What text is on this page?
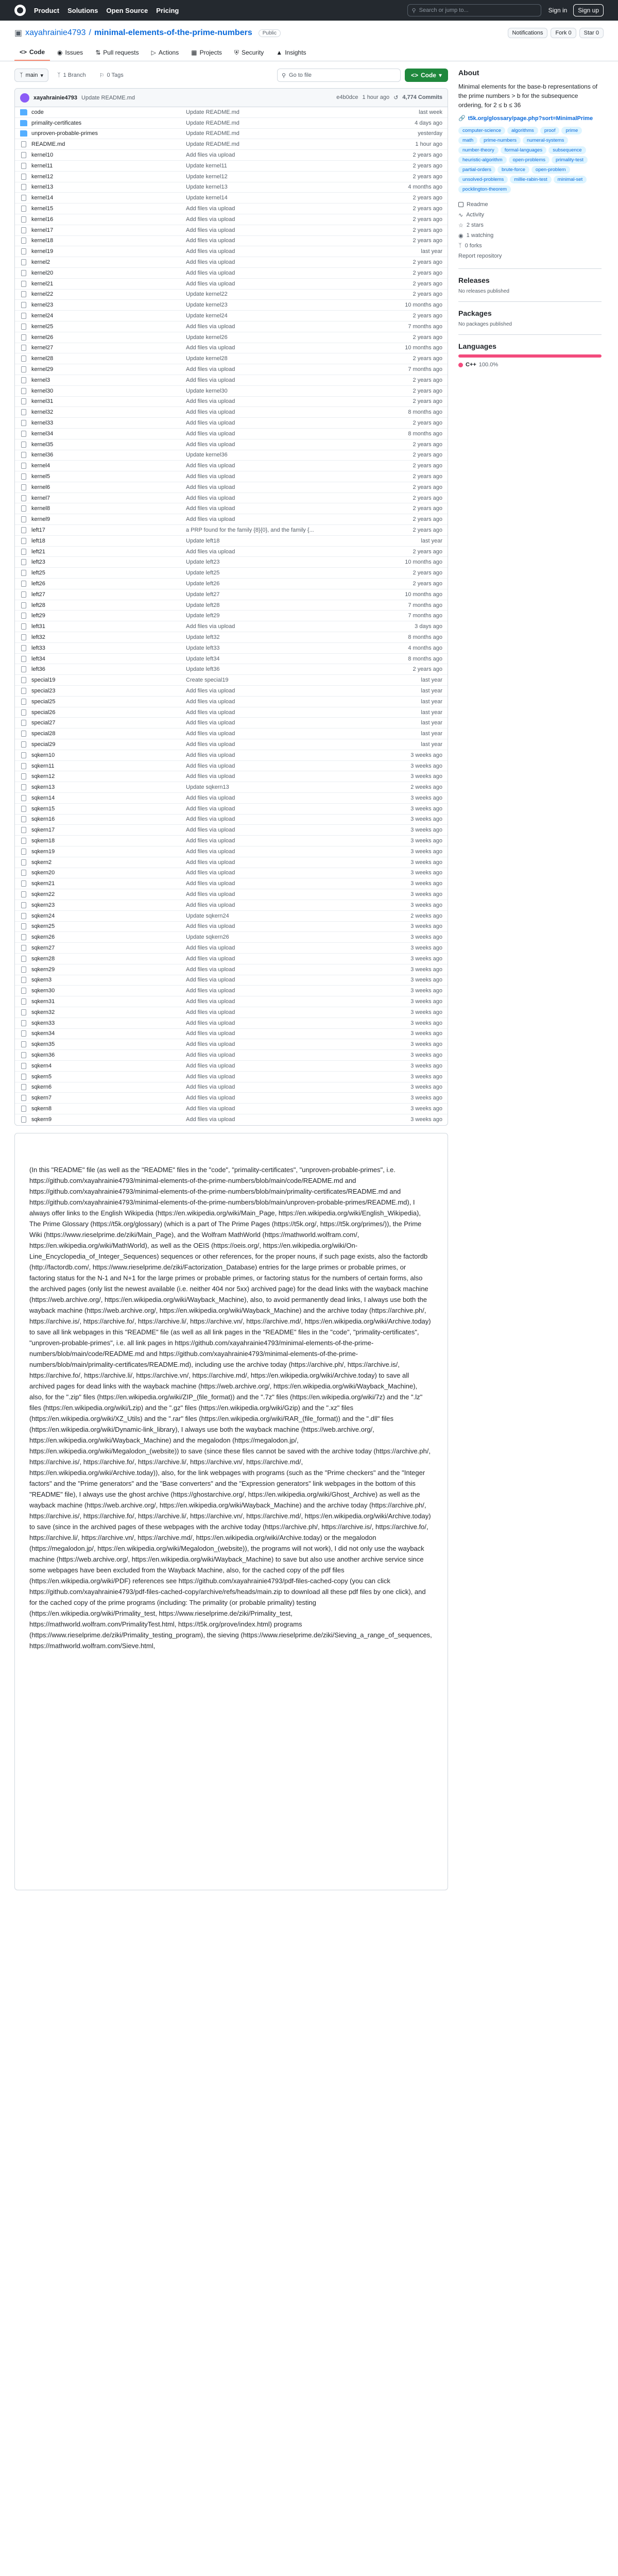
Product Solutions Open Source Pricing	⚲ Search or jump to...	Sign in	Sign up
▣ xayahrainie4793 / minimal-elements-of-the-prime-numbers	Public	Notifications	Fork 0	Star 0
<> Code ◉ Issues ⇅ Pull requests ▷ Actions ▦ Projects ⛨ Security ▲ Insights
ᛉ main ▾ ᛉ 1 Branch ⚐ 0 Tags	⚲ Go to file	<> Code ▾
xayahrainie4793 Update README.md	e4b0dce 1 hour ago ↺ 4,774 Commits
code	Update README.md	last week
primality-certificates	Update README.md	4 days ago
unproven-probable-primes	Update README.md	yesterday
README.md	Update README.md	1 hour ago
kernel10	Add files via upload	2 years ago
kernel11	Update kernel11	2 years ago
kernel12	Update kernel12	2 years ago
kernel13	Update kernel13	4 months ago
kernel14	Update kernel14	2 years ago
kernel15	Add files via upload	2 years ago
kernel16	Add files via upload	2 years ago
kernel17	Add files via upload	2 years ago
kernel18	Add files via upload	2 years ago
kernel19	Add files via upload	last year
kernel2	Add files via upload	2 years ago
kernel20	Add files via upload	2 years ago
kernel21	Add files via upload	2 years ago
kernel22	Update kernel22	2 years ago
kernel23	Update kernel23	10 months ago
kernel24	Update kernel24	2 years ago
kernel25	Add files via upload	7 months ago
kernel26	Update kernel26	2 years ago
kernel27	Add files via upload	10 months ago
kernel28	Update kernel28	2 years ago
kernel29	Add files via upload	7 months ago
kernel3	Add files via upload	2 years ago
kernel30	Update kernel30	2 years ago
kernel31	Add files via upload	2 years ago
kernel32	Add files via upload	8 months ago
kernel33	Add files via upload	2 years ago
kernel34	Add files via upload	8 months ago
kernel35	Add files via upload	2 years ago
kernel36	Update kernel36	2 years ago
kernel4	Add files via upload	2 years ago
kernel5	Add files via upload	2 years ago
kernel6	Add files via upload	2 years ago
kernel7	Add files via upload	2 years ago
kernel8	Add files via upload	2 years ago
kernel9	Add files via upload	2 years ago
left17	a PRP found for the family {8}{0}, and the family {...	2 years ago
left18	Update left18	last year
left21	Add files via upload	2 years ago
left23	Update left23	10 months ago
left25	Update left25	2 years ago
left26	Update left26	2 years ago
left27	Update left27	10 months ago
left28	Update left28	7 months ago
left29	Update left29	7 months ago
left31	Add files via upload	3 days ago
left32	Update left32	8 months ago
left33	Update left33	4 months ago
left34	Update left34	8 months ago
left36	Update left36	2 years ago
special19	Create special19	last year
special23	Add files via upload	last year
special25	Add files via upload	last year
special26	Add files via upload	last year
special27	Add files via upload	last year
special28	Add files via upload	last year
special29	Add files via upload	last year
sqkern10	Add files via upload	3 weeks ago
sqkern11	Add files via upload	3 weeks ago
sqkern12	Add files via upload	3 weeks ago
sqkern13	Update sqkern13	2 weeks ago
sqkern14	Add files via upload	3 weeks ago
sqkern15	Add files via upload	3 weeks ago
sqkern16	Add files via upload	3 weeks ago
sqkern17	Add files via upload	3 weeks ago
sqkern18	Add files via upload	3 weeks ago
sqkern19	Add files via upload	3 weeks ago
sqkern2	Add files via upload	3 weeks ago
sqkern20	Add files via upload	3 weeks ago
sqkern21	Add files via upload	3 weeks ago
sqkern22	Add files via upload	3 weeks ago
sqkern23	Add files via upload	3 weeks ago
sqkern24	Update sqkern24	2 weeks ago
sqkern25	Add files via upload	3 weeks ago
sqkern26	Update sqkern26	3 weeks ago
sqkern27	Add files via upload	3 weeks ago
sqkern28	Add files via upload	3 weeks ago
sqkern29	Add files via upload	3 weeks ago
sqkern3	Add files via upload	3 weeks ago
sqkern30	Add files via upload	3 weeks ago
sqkern31	Add files via upload	3 weeks ago
sqkern32	Add files via upload	3 weeks ago
sqkern33	Add files via upload	3 weeks ago
sqkern34	Add files via upload	3 weeks ago
sqkern35	Add files via upload	3 weeks ago
sqkern36	Add files via upload	3 weeks ago
sqkern4	Add files via upload	3 weeks ago
sqkern5	Add files via upload	3 weeks ago
sqkern6	Add files via upload	3 weeks ago
sqkern7	Add files via upload	3 weeks ago
sqkern8	Add files via upload	3 weeks ago
sqkern9	Add files via upload	3 weeks ago

(In this "README" file (as well as the "README" files in the "code", "primality-certificates", "unproven-probable-primes", i.e. https://github.com/xayahrainie4793/minimal-elements-of-the-prime-numbers/blob/main/code/README.md and https://github.com/xayahrainie4793/minimal-elements-of-the-prime-numbers/blob/main/primality-certificates/README.md and https://github.com/xayahrainie4793/minimal-elements-of-the-prime-numbers/blob/main/unproven-probable-primes/README.md), I always offer links to the English Wikipedia (https://en.wikipedia.org/wiki/Main_Page, https://en.wikipedia.org/wiki/English_Wikipedia), The Prime Glossary (https://t5k.org/glossary) (which is a part of The Prime Pages (https://t5k.org/, https://t5k.org/primes/)), the Prime Wiki (https://www.rieselprime.de/ziki/Main_Page), and the Wolfram MathWorld (https://mathworld.wolfram.com/, https://en.wikipedia.org/wiki/MathWorld), as well as the OEIS (https://oeis.org/, https://en.wikipedia.org/wiki/On-Line_Encyclopedia_of_Integer_Sequences) sequences or other references, for the proper nouns, if such page exists, also the factordb (http://factordb.com/, https://www.rieselprime.de/ziki/Factorization_Database) entries for the large primes or probable primes, or factoring status for the N-1 and N+1 for the large primes or probable primes, or factoring status for the numbers of certain forms, also the archived pages (only list the newest available (i.e. neither 404 nor 5xx) archived page) for the dead links with the wayback machine (https://web.archive.org/, https://en.wikipedia.org/wiki/Wayback_Machine), also, to avoid permanently dead links, I always use both the wayback machine (https://web.archive.org/, https://en.wikipedia.org/wiki/Wayback_Machine) and the archive today (https://archive.ph/, https://archive.is/, https://archive.fo/, https://archive.li/, https://archive.vn/, https://archive.md/, https://en.wikipedia.org/wiki/Archive.today) to save all link webpages in this "README" file (as well as all link pages in the "README" files in the "code", "primality-certificates", "unproven-probable-primes", i.e. all link pages in https://github.com/xayahrainie4793/minimal-elements-of-the-prime-numbers/blob/main/code/README.md and https://github.com/xayahrainie4793/minimal-elements-of-the-prime-numbers/blob/main/primality-certificates/README.md), including use the archive today (https://archive.ph/, https://archive.is/, https://archive.fo/, https://archive.li/, https://archive.vn/, https://archive.md/, https://en.wikipedia.org/wiki/Archive.today) to save all archived pages for dead links with the wayback machine (https://web.archive.org/, https://en.wikipedia.org/wiki/Wayback_Machine), also, for the ".zip" files (https://en.wikipedia.org/wiki/ZIP_(file_format)) and the ".7z" files (https://en.wikipedia.org/wiki/7z) and the ".lz" files (https://en.wikipedia.org/wiki/Lzip) and the ".gz" files (https://en.wikipedia.org/wiki/Gzip) and the ".xz" files (https://en.wikipedia.org/wiki/XZ_Utils) and the ".rar" files (https://en.wikipedia.org/wiki/RAR_(file_format)) and the ".dll" files (https://en.wikipedia.org/wiki/Dynamic-link_library), I always use both the wayback machine (https://web.archive.org/, https://en.wikipedia.org/wiki/Wayback_Machine) and the megalodon (https://megalodon.jp/, https://en.wikipedia.org/wiki/Megalodon_(website)) to save (since these files cannot be saved with the archive today (https://archive.ph/, https://archive.is/, https://archive.fo/, https://archive.li/, https://archive.vn/, https://archive.md/, https://en.wikipedia.org/wiki/Archive.today)), also, for the link webpages with programs (such as the "Prime checkers" and the "Integer factors" and the "Prime generators" and the "Base converters" and the "Expression generators" link webpages in the bottom of this "README" file), I always use the ghost archive (https://ghostarchive.org/, https://en.wikipedia.org/wiki/Ghost_Archive) as well as the wayback machine (https://web.archive.org/, https://en.wikipedia.org/wiki/Wayback_Machine) and the archive today (https://archive.ph/, https://archive.is/, https://archive.fo/, https://archive.li/, https://archive.vn/, https://archive.md/, https://en.wikipedia.org/wiki/Archive.today) to save (since in the archived pages of these webpages with the archive today (https://archive.ph/, https://archive.is/, https://archive.fo/, https://archive.li/, https://archive.vn/, https://archive.md/, https://en.wikipedia.org/wiki/Archive.today) or the megalodon (https://megalodon.jp/, https://en.wikipedia.org/wiki/Megalodon_(website)), the programs will not work), I did not only use the wayback machine (https://web.archive.org/, https://en.wikipedia.org/wiki/Wayback_Machine) to save but also use another archive service since some webpages have been excluded from the Wayback Machine, also, for the cached copy of the pdf files (https://en.wikipedia.org/wiki/PDF) references see https://github.com/xayahrainie4793/pdf-files-cached-copy (you can click https://github.com/xayahrainie4793/pdf-files-cached-copy/archive/refs/heads/main.zip to download all these pdf files by one click), and for the cached copy of the prime programs (including: The primality (or probable primality) testing (https://en.wikipedia.org/wiki/Primality_test, https://www.rieselprime.de/ziki/Primality_test, https://mathworld.wolfram.com/PrimalityTest.html, https://t5k.org/prove/index.html) programs (https://www.rieselprime.de/ziki/Primality_testing_program), the sieving (https://www.rieselprime.de/ziki/Sieving_a_range_of_sequences, https://mathworld.wolfram.com/Sieve.html,

About
Minimal elements for the base-b representations of the prime numbers > b for the subsequence ordering, for 2 ≤ b ≤ 36
🔗 t5k.org/glossary/page.php?sort=MinimalPrime
computer-science	algorithms	proof	prime
math	prime-numbers	numeral-systems
number-theory	formal-languages	subsequence
heuristic-algorithm	open-problems	primality-test
partial-orders	brute-force	open-problem
unsolved-problems	millie-rabin-test	minimal-set
pocklington-theorem
Readme
∿ Activity
☆ 2 stars
◉ 1 watching
ᛉ 0 forks
Report repository
Releases
No releases published
Packages
No packages published
Languages
C++ 100.0%
